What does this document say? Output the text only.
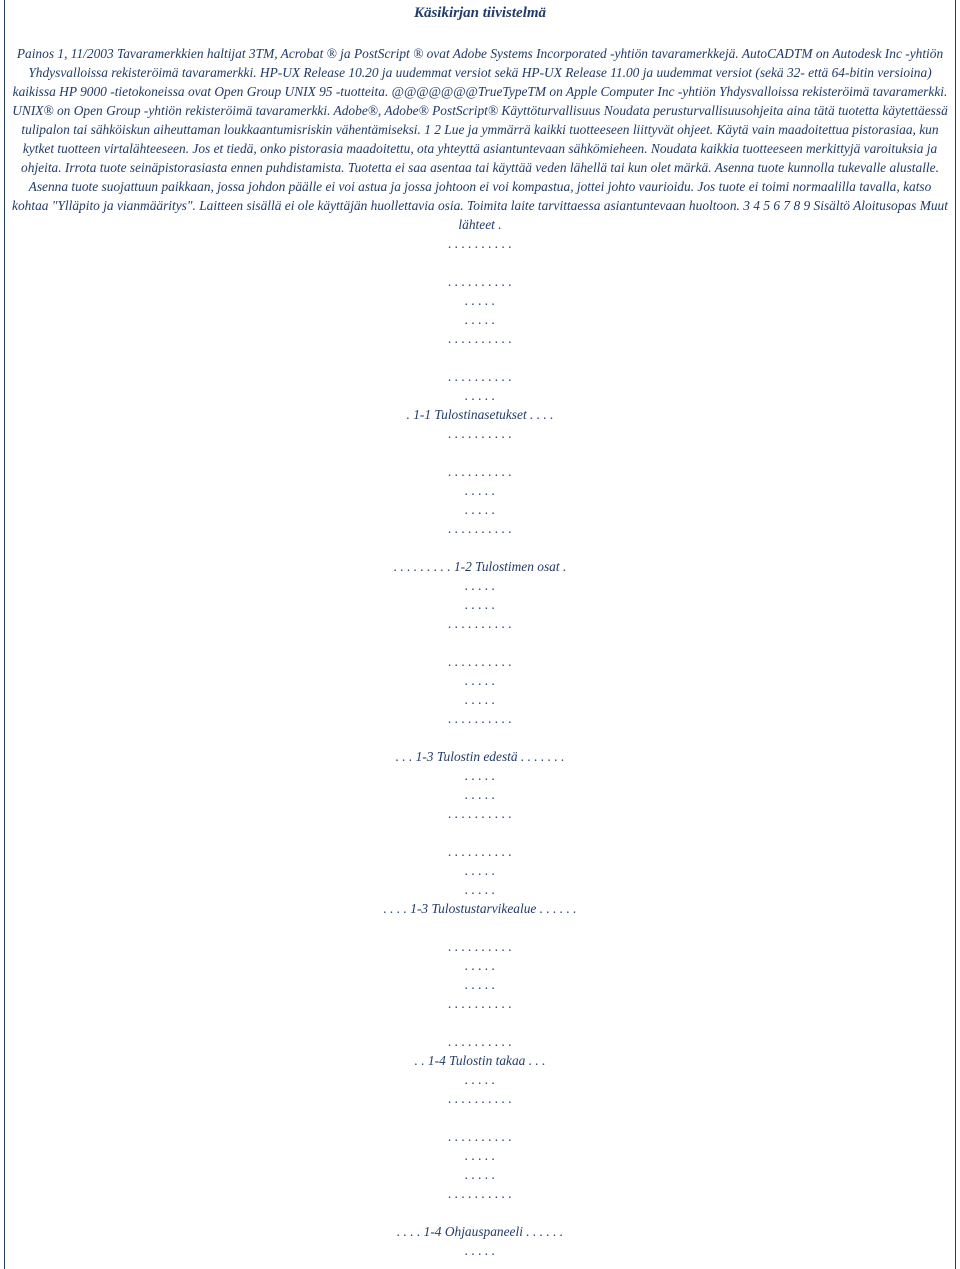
Käsikirjan tiivistelmä
Painos 1, 11/2003 Tavaramerkkien haltijat 3TM, Acrobat ® ja PostScript ® ovat Adobe Systems Incorporated -yhtiön tavaramerkkejä. AutoCADTM on Autodesk Inc -yhtiön Yhdysvalloissa rekisteröimä tavaramerkki. HP-UX Release 10.20 ja uudemmat versiot sekä HP-UX Release 11.00 ja uudemmat versiot (sekä 32- että 64-bitin versioina) kaikissa HP 9000 -tietokoneissa ovat Open Group UNIX 95 -tuotteita. @@@@@@@TrueTypeTM on Apple Computer Inc -yhtiön Yhdysvalloissa rekisteröimä tavaramerkki. UNIX® on Open Group -yhtiön rekisteröimä tavaramerkki. Adobe®, Adobe® PostScript® Käyttöturvallisuus Noudata perusturvallisuusohjeita aina tätä tuotetta käytettäessä tulipalon tai sähköiskun aiheuttaman loukkaantumisriskin vähentämiseksi. 1 2 Lue ja ymmärrä kaikki tuotteeseen liittyvät ohjeet. Käytä vain maadoitettua pistorasiaa, kun kytket tuotteen virtalähteeseen. Jos et tiedä, onko pistorasia maadoitettu, ota yhteyttä asiantuntevaan sähkömieheen. Noudata kaikkia tuotteeseen merkittyjä varoituksia ja ohjeita. Irrota tuote seinäpistorasiasta ennen puhdistamista. Tuotetta ei saa asentaa tai käyttää veden lähellä tai kun olet märkä. Asenna tuote kunnolla tukevalle alustalle. Asenna tuote suojattuun paikkaan, jossa johdon päälle ei voi astua ja jossa johtoon ei voi kompastua, jottei johto vaurioidu. Jos tuote ei toimi normaalilla tavalla, katso kohtaa "Ylläpito ja vianmääritys". Laitteen sisällä ei ole käyttäjän huollettavia osia. Toimita laite tarvittaessa asiantuntevaan huoltoon. 3 4 5 6 7 8 9 Sisältö Aloitusopas Muut lähteet .
. . . . . . . . . .
. . . . . . . . . .
. . . . .
. . . . .
. . . . . . . . . .
. . . . . . . . . .
. . . . .
. 1-1 Tulostinasetukset . . . .
. . . . . . . . . .
. . . . . . . . . .
. . . . .
. . . . .
. . . . . . . . . .
. . . . . . . . . 1-2 Tulostimen osat .
. . . . .
. . . . .
. . . . . . . . . .
. . . . . . . . . .
. . . . .
. . . . .
. . . . . . . . . .
. . . 1-3 Tulostin edestä . . . . . . .
. . . . .
. . . . .
. . . . . . . . . .
. . . . . . . . . .
. . . . .
. . . . .
. . . . 1-3 Tulostustarvikealue . . . . . .
. . . . . . . . . .
. . . . .
. . . . .
. . . . . . . . . .
. . . . . . . . . .
. . 1-4 Tulostin takaa . . .
. . . . .
. . . . . . . . . .
. . . . . . . . . .
. . . . .
. . . . .
. . . . . . . . . .
. . . . 1-4 Ohjauspaneeli . . . . . .
. . . . .
